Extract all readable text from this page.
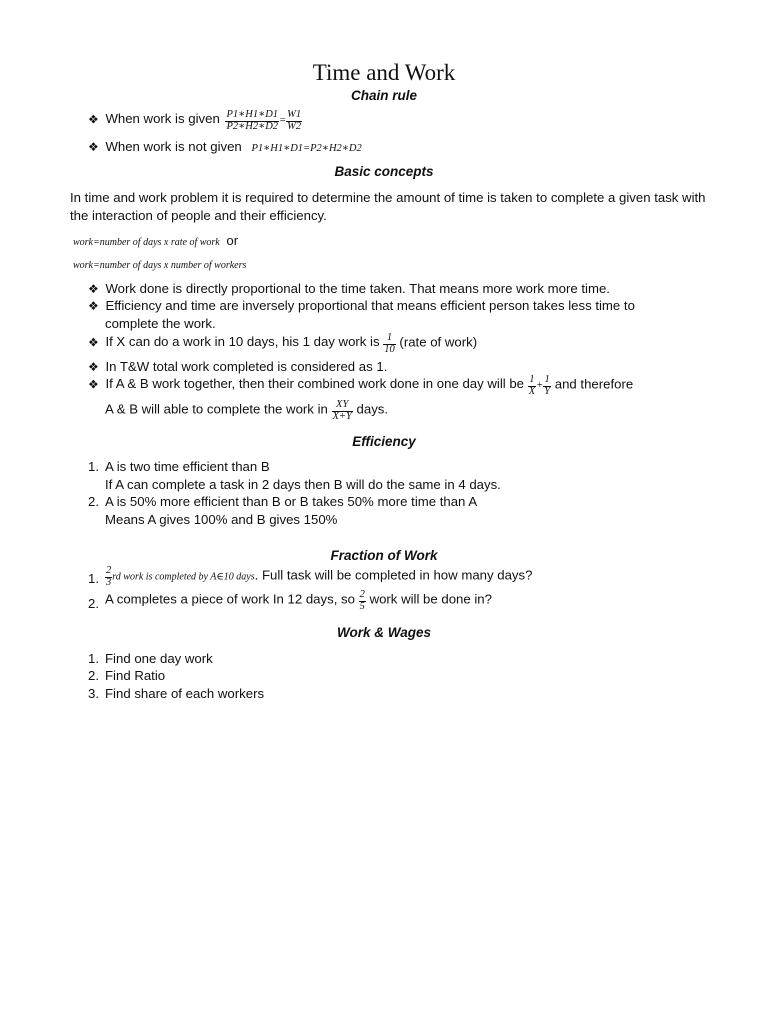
Time and Work
Chain rule
❖ When work is given $\frac{P1∗H1∗D1}{P2∗H2∗D2} = \frac{W1}{W2}$
❖ When work is not given P1∗H1∗D1=P2∗H2∗D2
Basic concepts
In time and work problem it is required to determine the amount of time is taken to complete a given task with the interaction of people and their efficiency.
work=number of days x rate of work or
work=number of days x number of workers
❖ Work done is directly proportional to the time taken. That means more work more time.
❖ Efficiency and time are inversely proportional that means efficient person takes less time to
complete the work.
❖ If X can do a work in 10 days, his 1 day work is $\frac{1}{10}$ (rate of work)
❖ In T&W total work completed is considered as 1.
❖ If A & B work together, then their combined work done in one day will be $\frac{1}{X} + \frac{1}{Y}$ and therefore
A & B will able to complete the work in $\frac{XY}{X+Y}$ days.
Efficiency
1. A is two time efficient than B
If A can complete a task in 2 days then B will do the same in 4 days.
2. A is 50% more efficient than B or B takes 50% more time than A
Means A gives 100% and B gives 150%
Fraction of Work
1. $\frac{2}{3}$ rd work is completed by A∈10 days. Full task will be completed in how many days?
2. A completes a piece of work In 12 days, so $\frac{2}{5}$ work will be done in?
Work & Wages
1. Find one day work
2. Find Ratio
3. Find share of each workers
